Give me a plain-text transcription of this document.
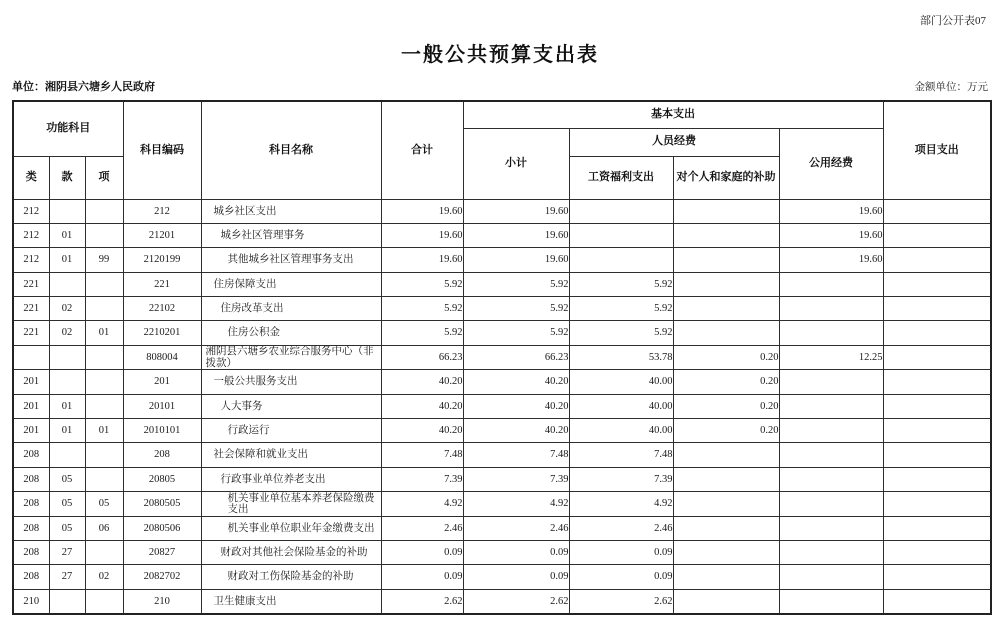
部门公开表07
一般公共预算支出表
单位：湘阴县六塘乡人民政府	金额单位：万元
功能科目			科目编码	科目名称	合计	基本支出				项目支出
						小计	人员经费		公用经费	
类	款	项					工资福利支出	对个人和家庭的补助		
212			212	城乡社区支出	19.60	19.60			19.60	
212	01		21201	城乡社区管理事务	19.60	19.60			19.60	
212	01	99	2120199	其他城乡社区管理事务支出	19.60	19.60			19.60	
221			221	住房保障支出	5.92	5.92	5.92			
221	02		22102	住房改革支出	5.92	5.92	5.92			
221	02	01	2210201	住房公积金	5.92	5.92	5.92			
			808004	湘阴县六塘乡农业综合服务中心（非拨款）	66.23	66.23	53.78	0.20	12.25	
201			201	一般公共服务支出	40.20	40.20	40.00	0.20		
201	01		20101	人大事务	40.20	40.20	40.00	0.20		
201	01	01	2010101	行政运行	40.20	40.20	40.00	0.20		
208			208	社会保障和就业支出	7.48	7.48	7.48			
208	05		20805	行政事业单位养老支出	7.39	7.39	7.39			
208	05	05	2080505	机关事业单位基本养老保险缴费支出	4.92	4.92	4.92			
208	05	06	2080506	机关事业单位职业年金缴费支出	2.46	2.46	2.46			
208	27		20827	财政对其他社会保险基金的补助	0.09	0.09	0.09			
208	27	02	2082702	财政对工伤保险基金的补助	0.09	0.09	0.09			
210			210	卫生健康支出	2.62	2.62	2.62			
